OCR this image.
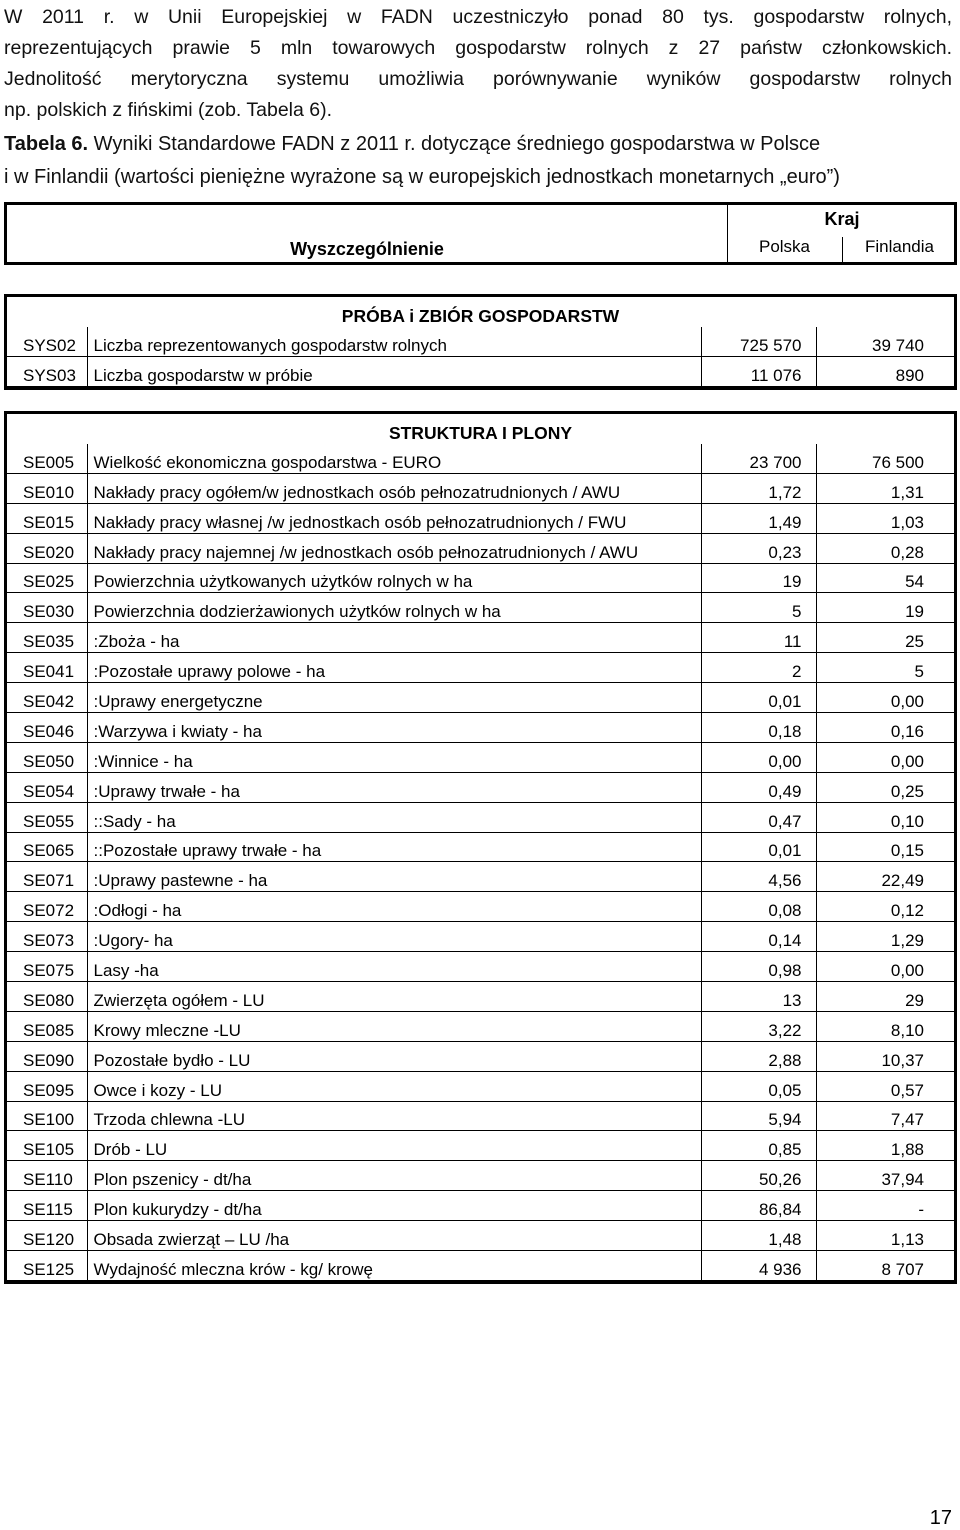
W 2011 r. w Unii Europejskiej w FADN uczestniczyło ponad 80 tys. gospodarstw rolnych,
reprezentujących prawie 5 mln towarowych gospodarstw rolnych z 27 państw członkowskich.
Jednolitość merytoryczna systemu umożliwia porównywanie wyników gospodarstw rolnych
np. polskich z fińskimi (zob. Tabela 6).
Tabela 6. Wyniki Standardowe FADN z 2011 r. dotyczące średniego gospodarstwa w Polsce
i w Finlandii (wartości pieniężne wyrażone są w europejskich jednostkach monetarnych „euro”)
Wyszczególnienie
Kraj
Polska	Finlandia
PRÓBA i ZBIÓR GOSPODARSTW			
SYS02	Liczba reprezentowanych gospodarstw rolnych	725 570	39 740
SYS03	Liczba gospodarstw w próbie	11 076	890
STRUKTURA I PLONY			
SE005	Wielkość ekonomiczna gospodarstwa - EURO	23 700	76 500
SE010	Nakłady pracy ogółem/w jednostkach osób pełnozatrudnionych / AWU	1,72	1,31
SE015	Nakłady pracy własnej /w jednostkach osób pełnozatrudnionych / FWU	1,49	1,03
SE020	Nakłady pracy najemnej /w jednostkach osób pełnozatrudnionych / AWU	0,23	0,28
SE025	Powierzchnia użytkowanych użytków rolnych w ha	19	54
SE030	Powierzchnia dodzierżawionych użytków rolnych w ha	5	19
SE035	:Zboża - ha	11	25
SE041	:Pozostałe uprawy polowe - ha	2	5
SE042	:Uprawy energetyczne	0,01	0,00
SE046	:Warzywa i kwiaty - ha	0,18	0,16
SE050	:Winnice - ha	0,00	0,00
SE054	:Uprawy trwałe - ha	0,49	0,25
SE055	::Sady - ha	0,47	0,10
SE065	::Pozostałe uprawy trwałe - ha	0,01	0,15
SE071	:Uprawy pastewne - ha	4,56	22,49
SE072	:Odłogi - ha	0,08	0,12
SE073	:Ugory- ha	0,14	1,29
SE075	Lasy -ha	0,98	0,00
SE080	Zwierzęta ogółem - LU	13	29
SE085	Krowy mleczne -LU	3,22	8,10
SE090	Pozostałe bydło - LU	2,88	10,37
SE095	Owce i kozy - LU	0,05	0,57
SE100	Trzoda chlewna -LU	5,94	7,47
SE105	Drób - LU	0,85	1,88
SE110	Plon pszenicy - dt/ha	50,26	37,94
SE115	Plon kukurydzy - dt/ha	86,84	-
SE120	Obsada zwierząt – LU /ha	1,48	1,13
SE125	Wydajność mleczna krów - kg/ krowę	4 936	8 707
17
